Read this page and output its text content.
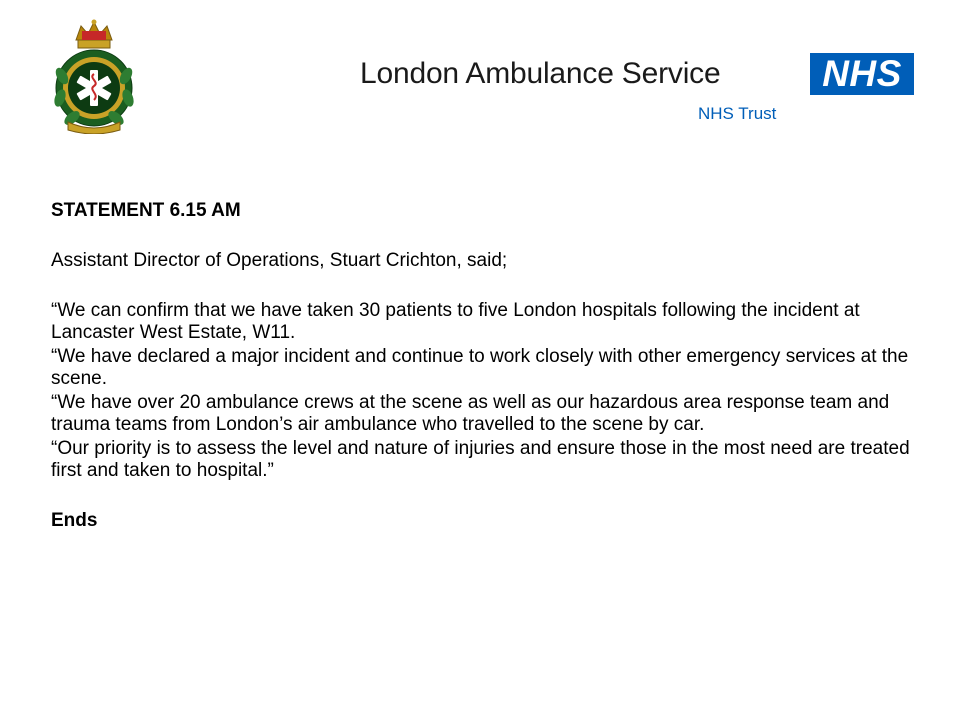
London Ambulance Service	NHS
NHS Trust

STATEMENT 6.15 AM

Assistant Director of Operations, Stuart Crichton, said;

“We can confirm that we have taken 30 patients to five London hospitals following the incident at Lancaster West Estate, W11.

“We have declared a major incident and continue to work closely with other emergency services at the scene.

“We have over 20 ambulance crews at the scene as well as our hazardous area response team and trauma teams from London’s air ambulance who travelled to the scene by car.

“Our priority is to assess the level and nature of injuries and ensure those in the most need are treated first and taken to hospital.”

Ends
